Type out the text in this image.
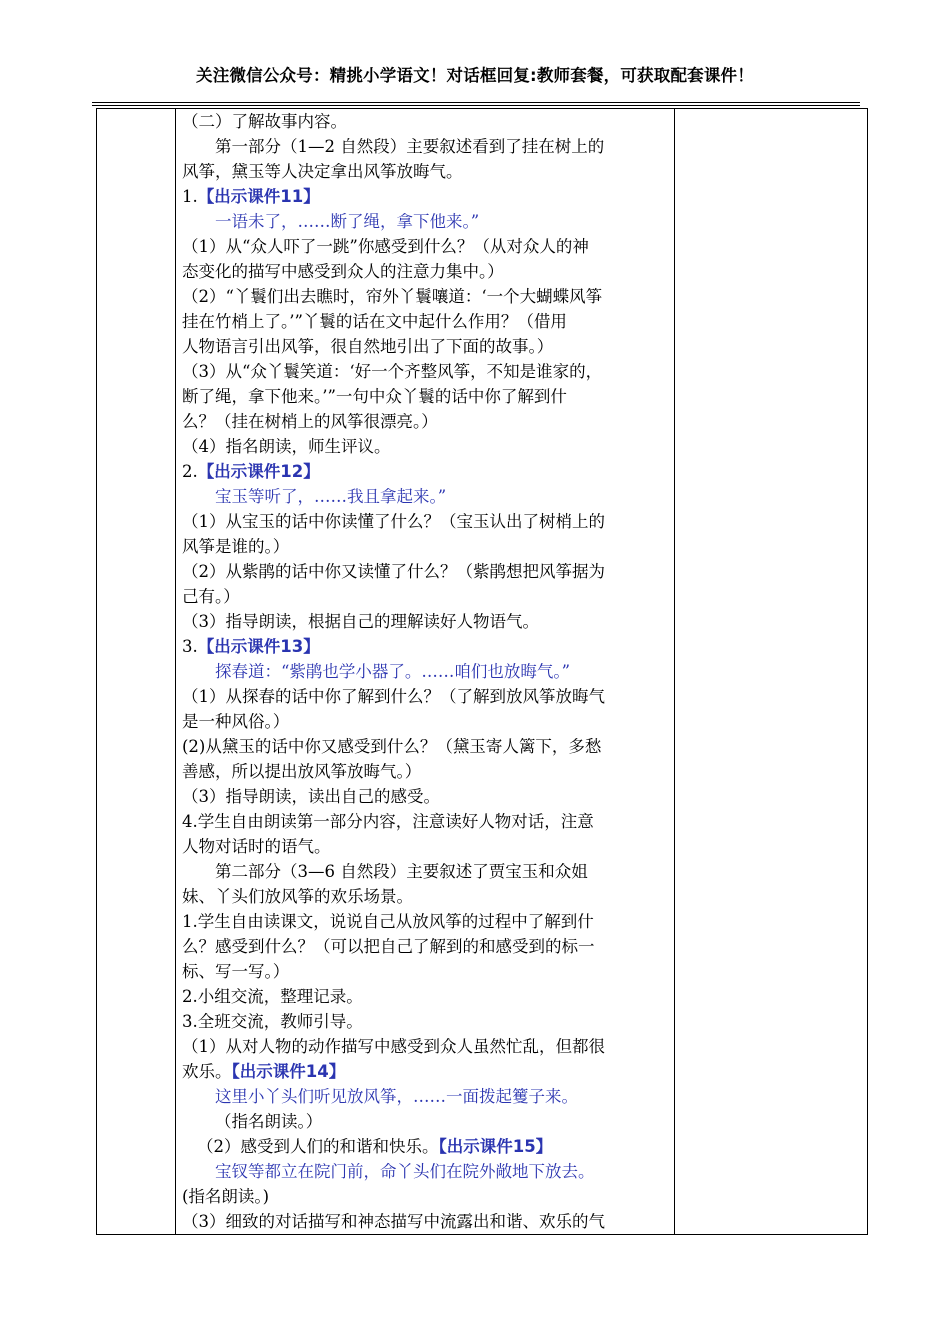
关注微信公众号：精挑小学语文！对话框回复:教师套餐，可获取配套课件！

（二）了解故事内容。
第一部分（1—2 自然段）主要叙述看到了挂在树上的
风筝，黛玉等人决定拿出风筝放晦气。
1.【出示课件11】
一语未了，……断了绳，拿下他来。”
（1）从“众人吓了一跳”你感受到什么？（从对众人的神
态变化的描写中感受到众人的注意力集中。）
（2）“丫鬟们出去瞧时，帘外丫鬟嚷道：‘一个大蝴蝶风筝
挂在竹梢上了。’”丫鬟的话在文中起什么作用？（借用
人物语言引出风筝，很自然地引出了下面的故事。）
（3）从“众丫鬟笑道：‘好一个齐整风筝，不知是谁家的，
断了绳，拿下他来。’”一句中众丫鬟的话中你了解到什
么？（挂在树梢上的风筝很漂亮。）
（4）指名朗读，师生评议。
2.【出示课件12】
宝玉等听了，……我且拿起来。”
（1）从宝玉的话中你读懂了什么？（宝玉认出了树梢上的
风筝是谁的。）
（2）从紫鹃的话中你又读懂了什么？（紫鹃想把风筝据为
己有。）
（3）指导朗读，根据自己的理解读好人物语气。
3.【出示课件13】
探春道：“紫鹃也学小器了。……咱们也放晦气。”
（1）从探春的话中你了解到什么？（了解到放风筝放晦气
是一种风俗。）
(2)从黛玉的话中你又感受到什么？（黛玉寄人篱下，多愁
善感，所以提出放风筝放晦气。）
（3）指导朗读，读出自己的感受。
4.学生自由朗读第一部分内容，注意读好人物对话，注意
人物对话时的语气。
第二部分（3—6 自然段）主要叙述了贾宝玉和众姐
妹、丫头们放风筝的欢乐场景。
1.学生自由读课文，说说自己从放风筝的过程中了解到什
么？感受到什么？（可以把自己了解到的和感受到的标一
标、写一写。）
2.小组交流，整理记录。
3.全班交流，教师引导。
（1）从对人物的动作描写中感受到众人虽然忙乱，但都很
欢乐。【出示课件14】
这里小丫头们听见放风筝，……一面拨起籆子来。
（指名朗读。）
（2）感受到人们的和谐和快乐。【出示课件15】
宝钗等都立在院门前，命丫头们在院外敞地下放去。
(指名朗读。)
（3）细致的对话描写和神态描写中流露出和谐、欢乐的气
